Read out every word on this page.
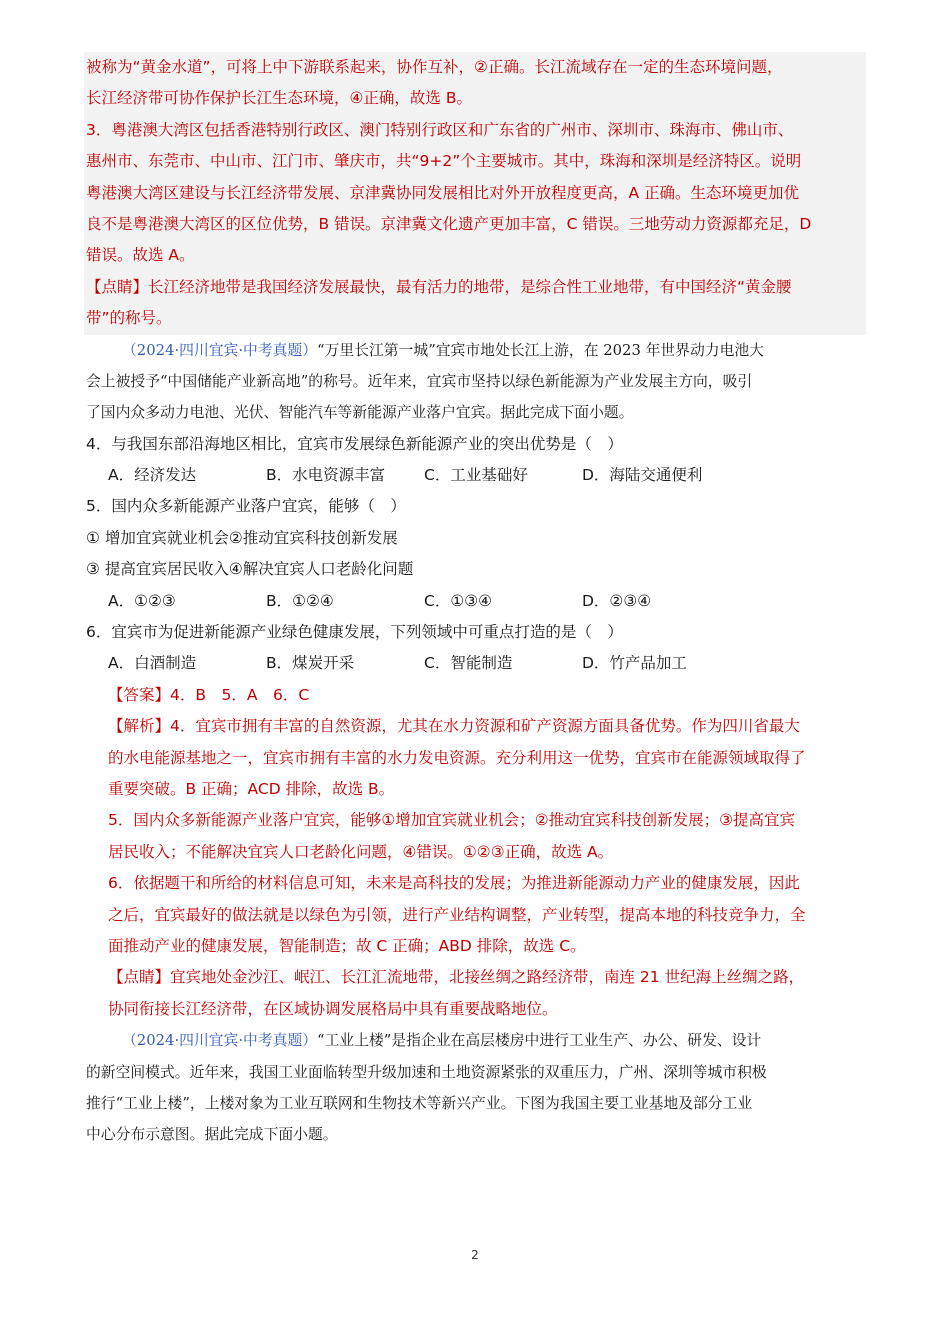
被称为“黄金水道”，可将上中下游联系起来，协作互补，②正确。长江流域存在一定的生态环境问题，
长江经济带可协作保护长江生态环境，④正确，故选 B。
3．粤港澳大湾区包括香港特别行政区、澳门特别行政区和广东省的广州市、深圳市、珠海市、佛山市、
惠州市、东莞市、中山市、江门市、肇庆市，共“9+2”个主要城市。其中，珠海和深圳是经济特区。说明
粤港澳大湾区建设与长江经济带发展、京津冀协同发展相比对外开放程度更高，A 正确。生态环境更加优
良不是粤港澳大湾区的区位优势，B 错误。京津冀文化遗产更加丰富，C 错误。三地劳动力资源都充足，D
错误。故选 A。
【点睛】长江经济地带是我国经济发展最快，最有活力的地带，是综合性工业地带，有中国经济“黄金腰
带”的称号。
（2024·四川宜宾·中考真题）“万里长江第一城”宜宾市地处长江上游，在 2023 年世界动力电池大
会上被授予“中国储能产业新高地”的称号。近年来，宜宾市坚持以绿色新能源为产业发展主方向，吸引
了国内众多动力电池、光伏、智能汽车等新能源产业落户宜宾。据此完成下面小题。
4．与我国东部沿海地区相比，宜宾市发展绿色新能源产业的突出优势是（　）
A．经济发达	B．水电资源丰富	C．工业基础好	D．海陆交通便利
5．国内众多新能源产业落户宜宾，能够（　）
① 增加宜宾就业机会②推动宜宾科技创新发展
③ 提高宜宾居民收入④解决宜宾人口老龄化问题
A．①②③	B．①②④	C．①③④	D．②③④
6．宜宾市为促进新能源产业绿色健康发展，下列领域中可重点打造的是（　）
A．白酒制造	B．煤炭开采	C．智能制造	D．竹产品加工
【答案】4．B　5．A　6．C
【解析】4．宜宾市拥有丰富的自然资源，尤其在水力资源和矿产资源方面具备优势。作为四川省最大
的水电能源基地之一，宜宾市拥有丰富的水力发电资源。充分利用这一优势，宜宾市在能源领域取得了
重要突破。B 正确；ACD 排除，故选 B。
5．国内众多新能源产业落户宜宾，能够①增加宜宾就业机会；②推动宜宾科技创新发展；③提高宜宾
居民收入；不能解决宜宾人口老龄化问题，④错误。①②③正确，故选 A。
6．依据题干和所给的材料信息可知，未来是高科技的发展；为推进新能源动力产业的健康发展，因此
之后，宜宾最好的做法就是以绿色为引领，进行产业结构调整，产业转型，提高本地的科技竞争力，全
面推动产业的健康发展，智能制造；故 C 正确；ABD 排除，故选 C。
【点睛】宜宾地处金沙江、岷江、长江汇流地带，北接丝绸之路经济带，南连 21 世纪海上丝绸之路，
协同衔接长江经济带，在区域协调发展格局中具有重要战略地位。
（2024·四川宜宾·中考真题）“工业上楼”是指企业在高层楼房中进行工业生产、办公、研发、设计
的新空间模式。近年来，我国工业面临转型升级加速和土地资源紧张的双重压力，广州、深圳等城市积极
推行“工业上楼”，上楼对象为工业互联网和生物技术等新兴产业。下图为我国主要工业基地及部分工业
中心分布示意图。据此完成下面小题。
2
